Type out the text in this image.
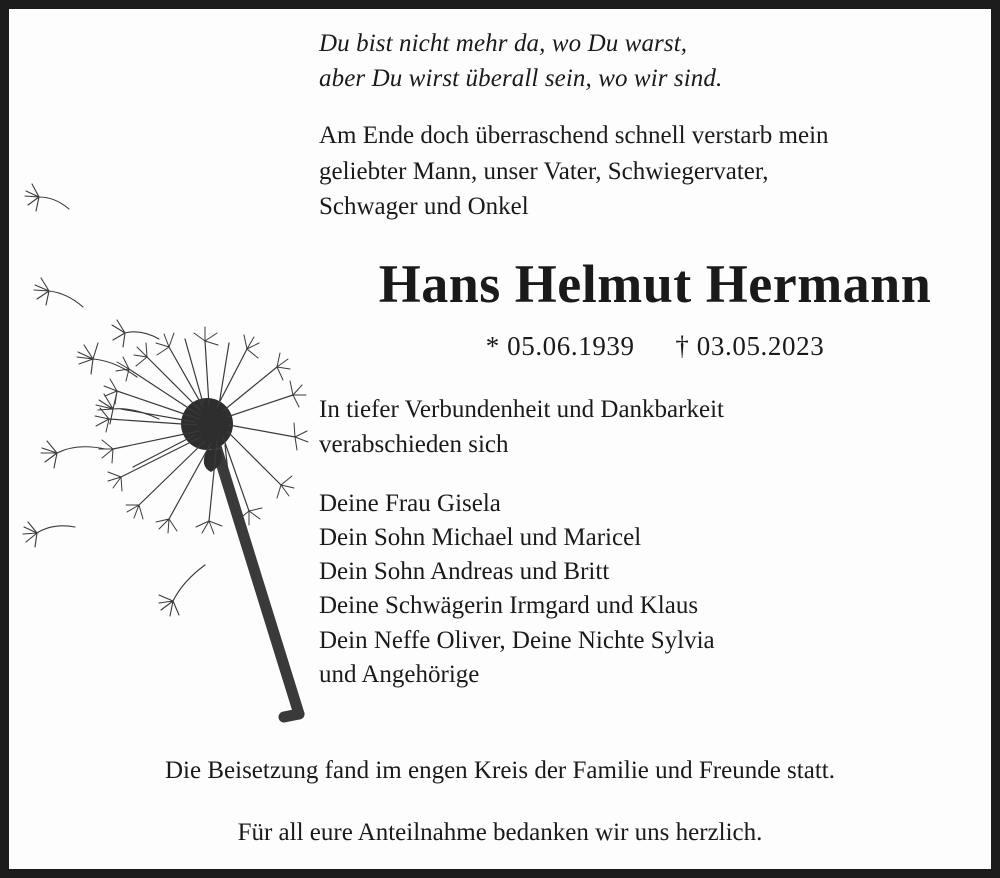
Du bist nicht mehr da, wo Du warst,
aber Du wirst überall sein, wo wir sind.
Am Ende doch überraschend schnell verstarb mein
geliebter Mann, unser Vater, Schwiegervater,
Schwager und Onkel
Hans Helmut Hermann
* 05.06.1939 † 03.05.2023
In tiefer Verbundenheit und Dankbarkeit
verabschieden sich
Deine Frau Gisela
Dein Sohn Michael und Maricel
Dein Sohn Andreas und Britt
Deine Schwägerin Irmgard und Klaus
Dein Neffe Oliver, Deine Nichte Sylvia
und Angehörige
Die Beisetzung fand im engen Kreis der Familie und Freunde statt.
Für all eure Anteilnahme bedanken wir uns herzlich.
